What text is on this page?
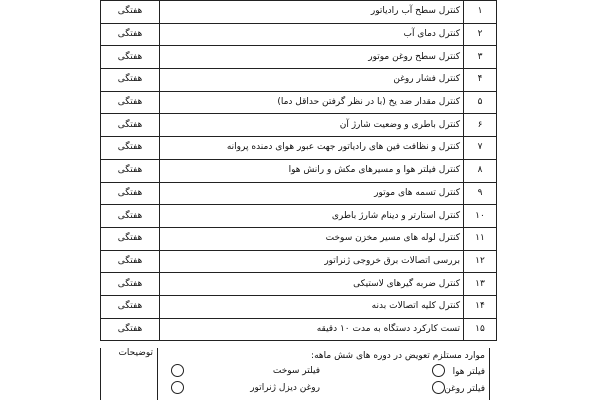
۱	کنترل سطح آب رادیاتور	هفتگی
۲	کنترل دمای آب	هفتگی
۳	کنترل سطح روغن موتور	هفتگی
۴	کنترل فشار روغن	هفتگی
۵	کنترل مقدار ضد یخ (با در نظر گرفتن حداقل دما)	هفتگی
۶	کنترل باطری و وضعیت شارژ آن	هفتگی
۷	کنترل و نظافت فین های رادیاتور جهت عبور هوای دمنده پروانه	هفتگی
۸	کنترل فیلتر هوا و مسیرهای مکش و رانش هوا	هفتگی
۹	کنترل تسمه های موتور	هفتگی
۱۰	کنترل استارتر و دینام شارژ باطری	هفتگی
۱۱	کنترل لوله های مسیر مخزن سوخت	هفتگی
۱۲	بررسی اتصالات برق خروجی ژنراتور	هفتگی
۱۳	کنترل ضربه گیرهای لاستیکی	هفتگی
۱۴	کنترل کلیه اتصالات بدنه	هفتگی
۱۵	تست کارکرد دستگاه به مدت ۱۰ دقیقه	هفتگی
توضیحات	موارد مستلزم تعویض در دوره های شش ماهه:
فیلتر هوا
فیلتر روغن
فیلتر سوخت
روغن دیزل ژنراتور
